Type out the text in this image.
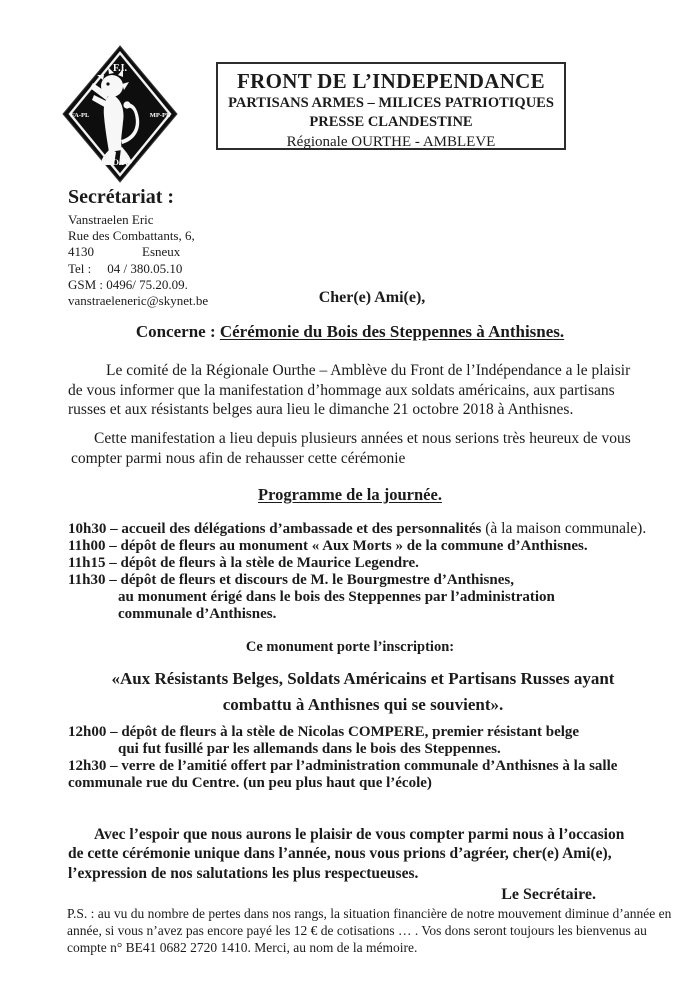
F.I.
FA-PL	MP-PB
O.F.
FRONT DE L’INDEPENDANCE
PARTISANS ARMES – MILICES PATRIOTIQUES
PRESSE CLANDESTINE
Régionale OURTHE - AMBLEVE
Secrétariat :
Vanstraelen Eric
Rue des Combattants, 6,
4130	Esneux
Tel : 04 / 380.05.10
GSM : 0496/ 75.20.09.
vanstraeleneric@skynet.be	Cher(e) Ami(e),
Concerne : Cérémonie du Bois des Steppennes à Anthisnes.
Le comité de la Régionale Ourthe – Amblève du Front de l’Indépendance a le plaisir
de vous informer que la manifestation d’hommage aux soldats américains, aux partisans
russes et aux résistants belges aura lieu le dimanche 21 octobre 2018 à Anthisnes.
Cette manifestation a lieu depuis plusieurs années et nous serions très heureux de vous
compter parmi nous afin de rehausser cette cérémonie
Programme de la journée.
10h30 – accueil des délégations d’ambassade et des personnalités (à la maison communale).
11h00 – dépôt de fleurs au monument « Aux Morts » de la commune d’Anthisnes.
11h15 – dépôt de fleurs à la stèle de Maurice Legendre.
11h30 – dépôt de fleurs et discours de M. le Bourgmestre d’Anthisnes,
au monument érigé dans le bois des Steppennes par l’administration
communale d’Anthisnes.
Ce monument porte l’inscription:
«Aux Résistants Belges, Soldats Américains et Partisans Russes ayant
combattu à Anthisnes qui se souvient».
12h00 – dépôt de fleurs à la stèle de Nicolas COMPERE, premier résistant belge
qui fut fusillé par les allemands dans le bois des Steppennes.
12h30 – verre de l’amitié offert par l’administration communale d’Anthisnes à la salle
communale rue du Centre. (un peu plus haut que l’école)
Avec l’espoir que nous aurons le plaisir de vous compter parmi nous à l’occasion
de cette cérémonie unique dans l’année, nous vous prions d’agréer, cher(e) Ami(e),
l’expression de nos salutations les plus respectueuses.
Le Secrétaire.
P.S. : au vu du nombre de pertes dans nos rangs, la situation financière de notre mouvement diminue d’année en
année, si vous n’avez pas encore payé les 12 € de cotisations … . Vos dons seront toujours les bienvenus au
compte n° BE41 0682 2720 1410. Merci, au nom de la mémoire.
